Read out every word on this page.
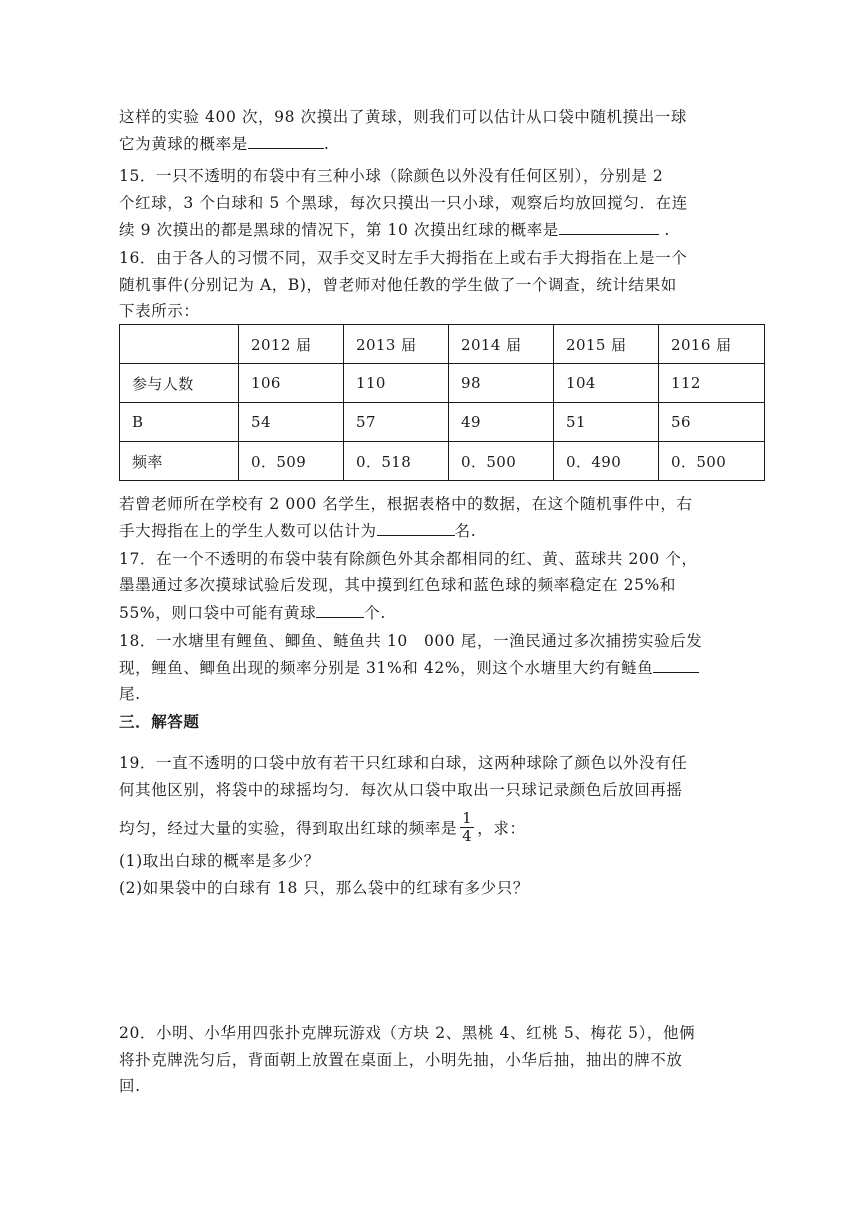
这样的实验 400 次，98 次摸出了黄球，则我们可以估计从口袋中随机摸出一球
它为黄球的概率是	.
15．一只不透明的布袋中有三种小球（除颜色以外没有任何区别），分别是 2
个红球，3 个白球和 5 个黑球，每次只摸出一只小球，观察后均放回搅匀．在连
续 9 次摸出的都是黑球的情况下，第 10 次摸出红球的概率是	.
16．由于各人的习惯不同，双手交叉时左手大拇指在上或右手大拇指在上是一个
随机事件(分别记为 A，B)，曾老师对他任教的学生做了一个调查，统计结果如
下表所示：
	2012 届	2013 届	2014 届	2015 届	2016 届
参与人数	106	110	98	104	112
B	54	57	49	51	56
频率	0．509	0．518	0．500	0．490	0．500
若曾老师所在学校有 2 000 名学生，根据表格中的数据，在这个随机事件中，右
手大拇指在上的学生人数可以估计为	名.
17．在一个不透明的布袋中装有除颜色外其余都相同的红、黄、蓝球共 200 个，
墨墨通过多次摸球试验后发现，其中摸到红色球和蓝色球的频率稳定在 25%和
55%，则口袋中可能有黄球	个.
18．一水塘里有鲤鱼、鲫鱼、鲢鱼共 10　000 尾，一渔民通过多次捕捞实验后发
现，鲤鱼、鲫鱼出现的频率分别是 31%和 42%，则这个水塘里大约有鲢鱼
尾.
三．解答题
19．一直不透明的口袋中放有若干只红球和白球，这两种球除了颜色以外没有任
何其他区别，将袋中的球摇均匀．每次从口袋中取出一只球记录颜色后放回再摇
均匀，经过大量的实验，得到取出红球的频率是 $\frac{1}{4}$ ，求：
(1)取出白球的概率是多少？
(2)如果袋中的白球有 18 只，那么袋中的红球有多少只？
20．小明、小华用四张扑克牌玩游戏（方块 2、黑桃 4、红桃 5、梅花 5），他俩
将扑克牌洗匀后，背面朝上放置在桌面上，小明先抽，小华后抽，抽出的牌不放
回.
